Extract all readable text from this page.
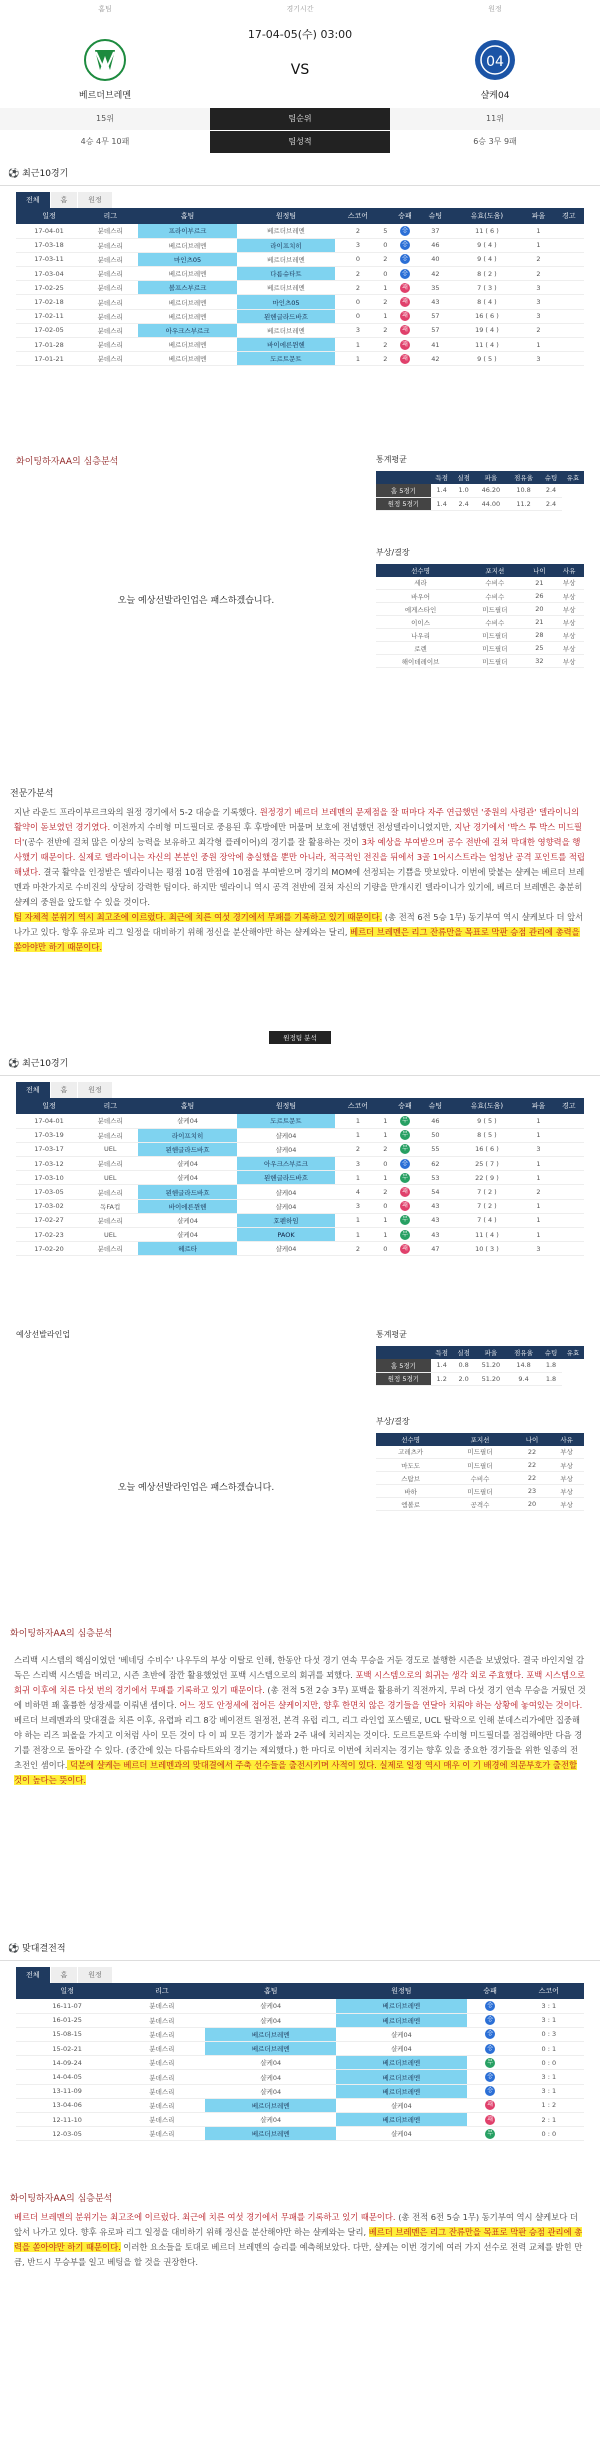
홈팀	경기시간	원정
17-04-05(수) 03:00
VS	04
베르더브레멘	샬케04
15위	팀순위	11위
4승 4무 10패	팀성적	6승 3무 9패
⚽ 최근10경기
전체	홈	원정
일정	리그	홈팀	원정팀	스코어		승패	슈팅	유효(도움)	파울	경고
17-04-01	분데스리	프라이부르크	베르더브레멘	2	5	승	37	11 ( 6 )	1	
17-03-18	분데스리	베르더브레멘	라이프치히	3	0	승	46	9 ( 4 )	1	
17-03-11	분데스리	마인츠05	베르더브레멘	0	2	승	40	9 ( 4 )	2	
17-03-04	분데스리	베르더브레멘	다름슈타트	2	0	승	42	8 ( 2 )	2	
17-02-25	분데스리	볼프스부르크	베르더브레멘	2	1	패	35	7 ( 3 )	3	
17-02-18	분데스리	베르더브레멘	마인츠05	0	2	패	43	8 ( 4 )	3	
17-02-11	분데스리	베르더브레멘	묀헨글라드바흐	0	1	패	57	16 ( 6 )	3	
17-02-05	분데스리	아우크스부르크	베르더브레멘	3	2	패	57	19 ( 4 )	2	
17-01-28	분데스리	베르더브레멘	바이에른뮌헨	1	2	패	41	11 ( 4 )	1	
17-01-21	분데스리	베르더브레멘	도르트문트	1	2	패	42	9 ( 5 )	3	
화이팅하자AA의 심층분석
오늘 예상선발라인업은 패스하겠습니다.
통계평균
	득점	실점	파울	점유율	슈팅	유효
홈 5경기	1.4	1.0	46.20	10.8	2.4	
원정 5경기	1.4	2.4	44.00	11.2	2.4	
부상/결장
선수명	포지션	나이	사유
세라	수비수	21	부상
바우어	수비수	26	부상
에게스타인	미드필더	20	부상
이이스	수비수	21	부상
나우리	미드필더	28	부상
로렌	미드필더	25	부상
해이데레이브	미드필더	32	부상
전문가분석

지난 라운드 프라이부르크와의 원정 경기에서 5-2 대승을 기록했다. 원정경기 베르더 브레멘의 문제점을 잘 떠마다 자주 연급했던 '중원의 사령관' 델라이니의 활약이 돋보였던 경기였다. 이전까지 수비형 미드필더로 중용된 후 후방에만 머물며 보호에 전념했던 전성델라이니였지만, 지난 경기에서 '박스 투 박스 미드필더'(공수 전반에 걸쳐 많은 이상의 능력을 보유하고 최각형 플레이어)의 경기를 잘 활용하는 것이 3차 예상을 부여받으며 공수 전반에 걸쳐 막대한 영향력을 행사했기 때문이다. 실제로 델라이니는 자신의 본분인 중원 장악에 충실했을 뿐만 아니라, 적극적인 전진을 뒤에서 3골 1어시스트라는 엄청난 공격 포인트를 적립해냈다. 결국 활약을 인정받은 델라이니는 평점 10점 만점에 10점을 부여받으며 경기의 MOM에 선정되는 기쁨을 맛보았다. 이번에 맞붙는 샬케는 베르더 브레멘과 마찬가지로 수비진의 상당히 강력한 팀이다. 하지만 델라이니 역시 공격 전반에 걸쳐 자신의 기량을 만개시킨 델라이니가 있기에, 베르더 브레멘은 충분히 샬케의 중원을 앞도할 수 있을 것이다.
팀 자체적 분위기 역시 최고조에 이르렀다. 최근에 치른 여섯 경기에서 무패를 기록하고 있기 때문이다. (총 전적 6전 5승 1무) 동기부여 역시 샬케보다 더 앞서 나가고 있다. 항후 유로파 리그 일정을 대비하기 위해 정신을 분산해야만 하는 샬케와는 달리, 베르더 브레멘은 리그 잔류만을 목표로 막판 승점 관리에 총력을 쏟아야만 하기 때문이다.

원정팀 분석
⚽ 최근10경기
전체	홈	원정
일정	리그	홈팀	원정팀	스코어		승패	슈팅	유효(도움)	파울	경고
17-04-01	분데스리	샬케04	도르트문트	1	1	무	46	9 ( 5 )	1	
17-03-19	분데스리	라이프치히	샬케04	1	1	무	50	8 ( 5 )	1	
17-03-17	UEL	묀헨글라드바흐	샬케04	2	2	무	55	16 ( 6 )	3	
17-03-12	분데스리	샬케04	아우크스부르크	3	0	승	62	25 ( 7 )	1	
17-03-10	UEL	샬케04	묀헨글라드바흐	1	1	무	53	22 ( 9 )	1	
17-03-05	분데스리	묀헨글라드바흐	샬케04	4	2	패	54	7 ( 2 )	2	
17-03-02	독FA컵	바이에른뮌헨	샬케04	3	0	패	43	7 ( 2 )	1	
17-02-27	분데스리	샬케04	호펜하임	1	1	무	43	7 ( 4 )	1	
17-02-23	UEL	샬케04	PAOK	1	1	무	43	11 ( 4 )	1	
17-02-20	분데스리	헤르타	샬케04	2	0	패	47	10 ( 3 )	3	
예상선발라인업
오늘 예상선발라인업은 패스하겠습니다.
통계평균
	득점	실점	파울	점유율	슈팅	유효
홈 5경기	1.4	0.8	51.20	14.8	1.8	
원정 5경기	1.2	2.0	51.20	9.4	1.8	
부상/결장
선수명	포지션	나이	사유
고레츠카	미드필더	22	부상
마도도	미드필더	22	부상
스탐브	수비수	22	부상
바하	미드필더	23	부상
엠볼로	공격수	20	부상
화이팅하자AA의 심층분석

스리백 시스템의 핵심이었던 '베네딩 수비수' 나우두의 부상 이탈로 인해, 한동안 다섯 경기 연속 무승을 거둔 경도로 불행한 시즌을 보냈었다. 결국 바인지얼 감독은 스리백 시스템을 버리고, 시즌 초반에 잠깐 활용했었던 포백 시스템으로의 회귀를 꾀했다. 포백 시스템으로의 회귀는 생각 외로 주효했다. 포백 시스템으로 회귀 이후에 치른 다섯 번의 경기에서 무패를 기록하고 있기 때문이다. (총 전적 5전 2승 3무) 포백을 활용하기 직전까지, 무려 다섯 경기 연속 무승을 거뒀던 것에 비하면 꽤 훌륭한 성장세를 이뤄낸 셈이다. 어느 정도 안정세에 접어든 샬케이지만, 향후 한면치 않은 경기들을 연달아 치뤄야 하는 상황에 놓여있는 것이다. 베르더 브레멘과의 맞대결을 치른 이후, 유렵파 리그 8강 베이전트 원정전, 본격 유럽 리그, 리그 라인업 포스텔로, UCL 탈락으로 인해 분데스리가에만 집중해야 하는 리즈 피올을 가지고 이처럼 사이 모든 것이 다 이 피 모든 경기가 불과 2주 내에 치러지는 것이다. 도르트문트와 수비형 미드필더를 점검해야만 다음 경기를 전장으로 돌아갈 수 있다. (중간에 있는 다름슈타트와의 경기는 제외했다.) 한 마디로 이번에 치러지는 경기는 향후 있을 중요한 경기들을 위한 일종의 전초전인 셈이다. 덕분에 샬케는 베르더 브레멘과의 맞대결에서 주축 선수들을 출전시키며 사적이 있다. 실제로 일정 역시 매우 이 기 배경에 의문부호가 출전할 것이 높다는 뜻이다.

⚽ 맞대결전적
전체	홈	원정
일정	리그	홈팀	원정팀	승패	스코어
16-11-07	분데스리	샬케04	베르더브레멘	승	3 : 1
16-01-25	분데스리	샬케04	베르더브레멘	승	3 : 1
15-08-15	분데스리	베르더브레멘	샬케04	승	0 : 3
15-02-21	분데스리	베르더브레멘	샬케04	승	0 : 1
14-09-24	분데스리	샬케04	베르더브레멘	무	0 : 0
14-04-05	분데스리	샬케04	베르더브레멘	승	3 : 1
13-11-09	분데스리	샬케04	베르더브레멘	승	3 : 1
13-04-06	분데스리	베르더브레멘	샬케04	패	1 : 2
12-11-10	분데스리	샬케04	베르더브레멘	패	2 : 1
12-03-05	분데스리	베르더브레멘	샬케04	무	0 : 0
화이팅하자AA의 심층분석

베르더 브레멘의 분위기는 최고조에 이르렀다. 최근에 치른 여섯 경기에서 무패를 기록하고 있기 때문이다. (총 전적 6전 5승 1무) 동기부여 역시 샬케보다 더 앞서 나가고 있다. 향후 유로파 리그 일정을 대비하기 위해 정신을 분산해야만 하는 샬케와는 달리, 베르더 브레멘은 리그 잔류만을 목표로 막판 승점 관리에 총력을 쏟아야만 하기 때문이다. 이러한 요소들을 토대로 베르더 브레멘의 승리를 예측해보았다. 다만, 샬케는 이번 경기에 여러 가지 선수로 전력 교체를 밝힌 만큼, 반드시 무승부를 일고 베팅을 할 것을 권장한다.
